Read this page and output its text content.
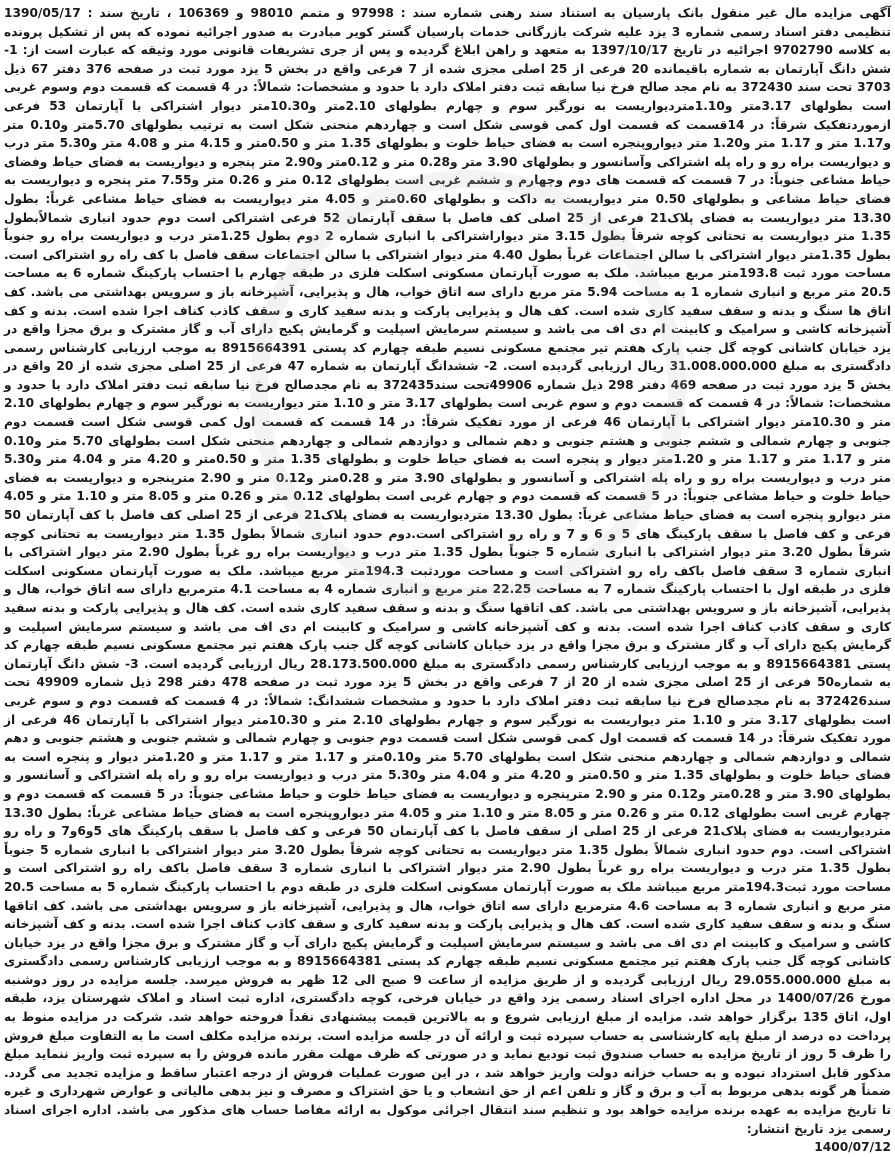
آگهی مزایده مال غیر منقول بانک پارسیان به استناد سند رهنی شماره سند : 97998 و متمم 98010 و 106369 ، تاریخ سند : 1390/05/17 تنظیمی دفتر اسناد رسمی شماره 3 یزد علیه شرکت بازرگانی خدمات پارسیان گستر کویر مبادرت به صدور اجرائیه نموده که پس از تشکیل پرونده به کلاسه 9702790 اجرائیه در تاریخ 1397/10/17 به متعهد و راهن ابلاغ گردیده و پس از جری تشریفات قانونی مورد وثیقه که عبارت است از: 1- شش دانگ آپارتمان به شماره باقیمانده 20 فرعی از 25 اصلی مجزی شده از 7 فرعی واقع در بخش 5 یزد مورد ثبت در صفحه 376 دفتر 67 ذیل 3703 تحت سند 372430 به نام مجد صالح فرخ نیا سابقه ثبت دفتر املاک دارد با حدود و مشخصات: شمالاً: در 4 قسمت که قسمت دوم وسوم غربی است بطولهای 3.17متر و1.10متردیواریست به نورگیر سوم و چهارم بطولهای 2.10متر و10.30متر دیوار اشتراکی با آپارتمان 53 فرعی ازموردتفکیک شرقاً: در 14قسمت که قسمت اول کمی قوسی شکل است و چهاردهم منحنی شکل است به ترتیب بطولهای 5.70متر و0.10 متر و1.17 متر و 1.17 متر و1.20 متر دیواروپنجره است به فضای حیاط خلوت و بطولهای 1.35 متر و 0.50متر و 4.15 متر و 4.08 متر و5.30 متر درب و دیواریست براه رو و راه پله اشتراکی وآسانسور و بطولهای 3.90 متر و0.28 متر و 0.12متر و2.90 متر پنجره و دیواریست به فضای حیاط وفضای حیاط مشاعی جنوباً: در 7 قسمت که قسمت های دوم وچهارم و ششم غربی است بطولهای 0.12 متر و 0.26 متر و7.55 متر پنجره و دیواریست به فضای حیاط مشاعی و بطولهای 0.50 متر دیواریست به داکت و بطولهای 0.60متر و 4.05 متر دیواریست به فضای حیاط مشاعی غرباً: بطول 13.30 متر دیواریست به فضای پلاک21 فرعی از 25 اصلی کف فاصل با سقف آپارتمان 52 فرعی اشتراکی است دوم حدود انباری شمالاًبطول 1.35 متر دیواریست به تحتانی کوچه شرقاً بطول 3.15 متر دیواراشتراکی با انباری شماره 2 دوم بطول 1.25متر درب و دیواریست براه رو جنوباً بطول 1.35متر دیوار اشتراکی با سالن اجتماعات غرباً بطول 4.40 متر دیوار اشتراکی با سالن اجتماعات سقف فاصل با کف راه رو اشتراکی است. مساحت مورد ثبت 193.8متر مربع میباشد. ملک به صورت آپارتمان مسکونی اسکلت فلزی در طبقه چهارم با احتساب پارکینگ شماره 6 به مساحت 20.5 متر مربع و انباری شماره 1 به مساحت 5.94 متر مربع دارای سه اتاق خواب، هال و پذیرایی، آشپزخانه باز و سرویس بهداشتی می باشد. کف اتاق ها سنگ و بدنه و سقف سفید کاری شده است. کف هال و پذیرایی پارکت و بدنه سفید کاری و سقف کاذب کناف اجرا شده است. بدنه و کف آشپزخانه کاشی و سرامیک و کابینت ام دی اف می باشد و سیستم سرمایش اسپلیت و گرمایش پکیج دارای آب و گاز مشترک و برق مجزا واقع در یزد خیابان کاشانی کوچه گل جنب پارک هفتم تیر مجتمع مسکونی نسیم طبقه چهارم کد پستی 8915664391 به موجب ارزیابی کارشناس رسمی دادگستری به مبلغ 31.008.000.000 ریال ارزیابی گردیده است. 2- ششدانگ آپارتمان به شماره 47 فرعی از 25 اصلی مجزی شده از 20 واقع در بخش 5 یزد مورد ثبت در صفحه 469 دفتر 298 ذیل شماره 49906تحت سند372435 به نام مجدصالح فرخ نیا سابقه ثبت دفتر املاک دارد با حدود و مشخصات: شمالاً: در 4 قسمت که قسمت دوم و سوم غربی است بطولهای 3.17 متر و 1.10 متر دیواریست به نورگیر سوم و چهارم بطولهای 2.10 متر و 10.30متر دیوار اشتراکی با آپارتمان 46 فرعی از مورد تفکیک شرقاً: در 14 قسمت که قسمت اول کمی قوسی شکل است قسمت دوم جنوبی و چهارم شمالی و ششم جنوبی و هشتم جنوبی و دهم شمالی و دوازدهم شمالی و چهاردهم منحنی شکل است بطولهای 5.70 متر و0.10 متر و 1.17 متر و 1.17 متر و 1.20متر دیوار و پنجره است به فضای حیاط خلوت و بطولهای 1.35 متر و 0.50متر و 4.20 متر و 4.04 متر و5.30 متر درب و دیواریست براه رو و راه پله اشتراکی و آسانسور و بطولهای 3.90 متر و 0.28متر و0.12 متر و 2.90 مترپنجره و دیواریست به فضای حیاط خلوت و حیاط مشاعی جنوباً: در 5 قسمت که قسمت دوم و چهارم غربی است بطولهای 0.12 متر و 0.26 متر و 8.05 متر و 1.10 متر و 4.05 متر دیوارو پنجره است به فضای حیاط مشاعی غرباً: بطول 13.30 متردیواریست به فضای پلاک21 فرعی از 25 اصلی کف فاصل با کف آپارتمان 50 فرعی و کف فاصل با سقف پارکینگ های 5 و 6 و 7 و راه رو اشتراکی است.دوم حدود انباری شمالاً بطول 1.35 متر دیواریست به تحتانی کوچه شرقاً بطول 3.20 متر دیوار اشتراکی با انباری شماره 5 جنوباً بطول 1.35 متر درب و دیواریست براه رو غرباً بطول 2.90 متر دیوار اشتراکی با انباری شماره 3 سقف فاصل باکف راه رو اشتراکی است و مساحت موردثبت 194.3متر مربع میباشد. ملک به صورت آپارتمان مسکونی اسکلت فلزی در طبقه اول با احتساب پارکینگ شماره 7 به مساحت 22.25 متر مربع و انباری شماره 4 به مساحت 4.1 مترمربع دارای سه اتاق خواب، هال و پذیرایی، آشپزخانه باز و سرویس بهداشتی می باشد. کف اتاقها سنگ و بدنه و سقف سفید کاری شده است. کف هال و پذیرایی پارکت و بدنه سفید کاری و سقف کاذب کناف اجرا شده است. بدنه و کف آشپزخانه کاشی و سرامیک و کابینت ام دی اف می باشد و سیستم سرمایش اسپلیت و گرمایش پکیج دارای آب و گاز مشترک و برق مجزا واقع در یزد خیابان کاشانی کوچه گل جنب پارک هفتم تیر مجتمع مسکونی نسیم طبقه چهارم کد پستی 8915664381 و به موجب ارزیابی کارشناس رسمی دادگستری به مبلغ 28.173.500.000 ریال ارزیابی گردیده است. 3- شش دانگ آپارتمان به شماره50 فرعی از 25 اصلی مجزی شده از 20 از 7 فرعی واقع در بخش 5 یزد مورد ثبت در صفحه 478 دفتر 298 ذیل شماره 49909 تحت سند372426 به نام مجدصالح فرخ نیا سابقه ثبت دفتر املاک دارد با حدود و مشخصات ششدانگ: شمالاً: در 4 قسمت که قسمت دوم و سوم غربی است بطولهای 3.17 متر و 1.10 متر دیواریست به نورگیر سوم و چهارم بطولهای 2.10 متر و 10.30متر دیوار اشتراکی با آپارتمان 46 فرعی از مورد تفکیک شرقاً: در 14 قسمت که قسمت اول کمی قوسی شکل است قسمت دوم جنوبی و چهارم شمالی و ششم جنوبی و هشتم جنوبی و دهم شمالی و دوازدهم شمالی و چهاردهم منحنی شکل است بطولهای 5.70 متر و0.10متر و 1.17 متر و 1.17 متر و 1.20متر دیوار و پنجره است به فضای حیاط خلوت و بطولهای 1.35 متر و 0.50متر و 4.20 متر و 4.04 متر و5.30 متر درب و دیواریست براه رو و راه پله اشتراکی و آسانسور و بطولهای 3.90 متر و 0.28متر و0.12 متر و 2.90 مترپنجره و دیواریست به فضای حیاط خلوت و حیاط مشاعی جنوباً: در 5 قسمت که قسمت دوم و چهارم غربی است بطولهای 0.12 متر و 0.26 متر و 8.05 متر و 1.10 متر و 4.05 متر دیواروپنجره است به فضای حیاط مشاعی غرباً: بطول 13.30 متردیواریست به فضای پلاک21 فرعی از 25 اصلی از سقف فاصل با کف آپارتمان 50 فرعی و کف فاصل با سقف پارکینگ های 5و6و7 و راه رو اشتراکی است. دوم حدود انباری شمالاً بطول 1.35 متر دیواریست به تحتانی کوچه شرقاً بطول 3.20 متر دیوار اشتراکی با انباری شماره 5 جنوباً بطول 1.35 متر درب و دیواریست براه رو غرباً بطول 2.90 متر دیوار اشتراکی با انباری شماره 3 سقف فاصل باکف راه رو اشتراکی است و مساحت مورد ثبت194.3متر مربع میباشد ملک به صورت آپارتمان مسکونی اسکلت فلزی در طبقه دوم با احتساب پارکینگ شماره 5 به مساحت 20.5 متر مربع و انباری شماره 3 به مساحت 4.6 مترمربع دارای سه اتاق خواب، هال و پذیرایی، آشپزخانه باز و سرویس بهداشتی می باشد. کف اتاقها سنگ و بدنه و سقف سفید کاری شده است. کف هال و پذیرایی پارکت و بدنه سفید کاری و سقف کاذب کناف اجرا شده است. بدنه و کف آشپزخانه کاشی و سرامیک و کابینت ام دی اف می باشد و سیستم سرمایش اسپلیت و گرمایش پکیج دارای آب و گاز مشترک و برق مجزا واقع در یزد خیابان کاشانی کوچه گل جنب پارک هفتم تیر مجتمع مسکونی نسیم طبقه چهارم کد پستی 8915664381 و به موجب ارزیابی کارشناس رسمی دادگستری به مبلغ 29.055.000.000 ریال ارزیابی گردیده و از طریق مزایده از ساعت 9 صبح الی 12 ظهر به فروش میرسد. جلسه مزایده در روز دوشنبه مورخ 1400/07/26 در محل اداره اجرای اسناد رسمی یزد واقع در خیابان فرخی، کوچه دادگستری، اداره ثبت اسناد و املاک شهرستان یزد، طبقه اول، اتاق 135 برگزار خواهد شد. مزایده از مبلغ ارزیابی شروع و به بالاترین قیمت پیشنهادی نقداً فروخته خواهد شد. شرکت در مزایده منوط به پرداخت ده درصد از مبلغ پایه کارشناسی به حساب سپرده ثبت و ارائه آن در جلسه مزایده است. برنده مزایده مکلف است ما به التفاوت مبلغ فروش را ظرف 5 روز از تاریخ مزایده به حساب صندوق ثبت تودیع نماید و در صورتی که ظرف مهلت مقرر مانده فروش را به سپرده ثبت واریز ننماید مبلغ مذکور قابل استرداد نبوده و به حساب خزانه دولت واریز خواهد شد ، در این صورت عملیات فروش از درجه اعتبار ساقط و مزایده تجدید می گردد. ضمناً هر گونه بدهی مربوط به آب و برق و گاز و تلفن اعم از حق انشعاب و یا حق اشتراک و مصرف و نیز بدهی مالیاتی و عوارض شهرداری و غیره تا تاریخ مزایده به عهده برنده مزایده خواهد بود و تنظیم سند انتقال اجرائی موکول به ارائه مفاصا حساب های مذکور می باشد. اداره اجرای اسناد رسمی یزد تاریخ انتشار:

1400/07/12
